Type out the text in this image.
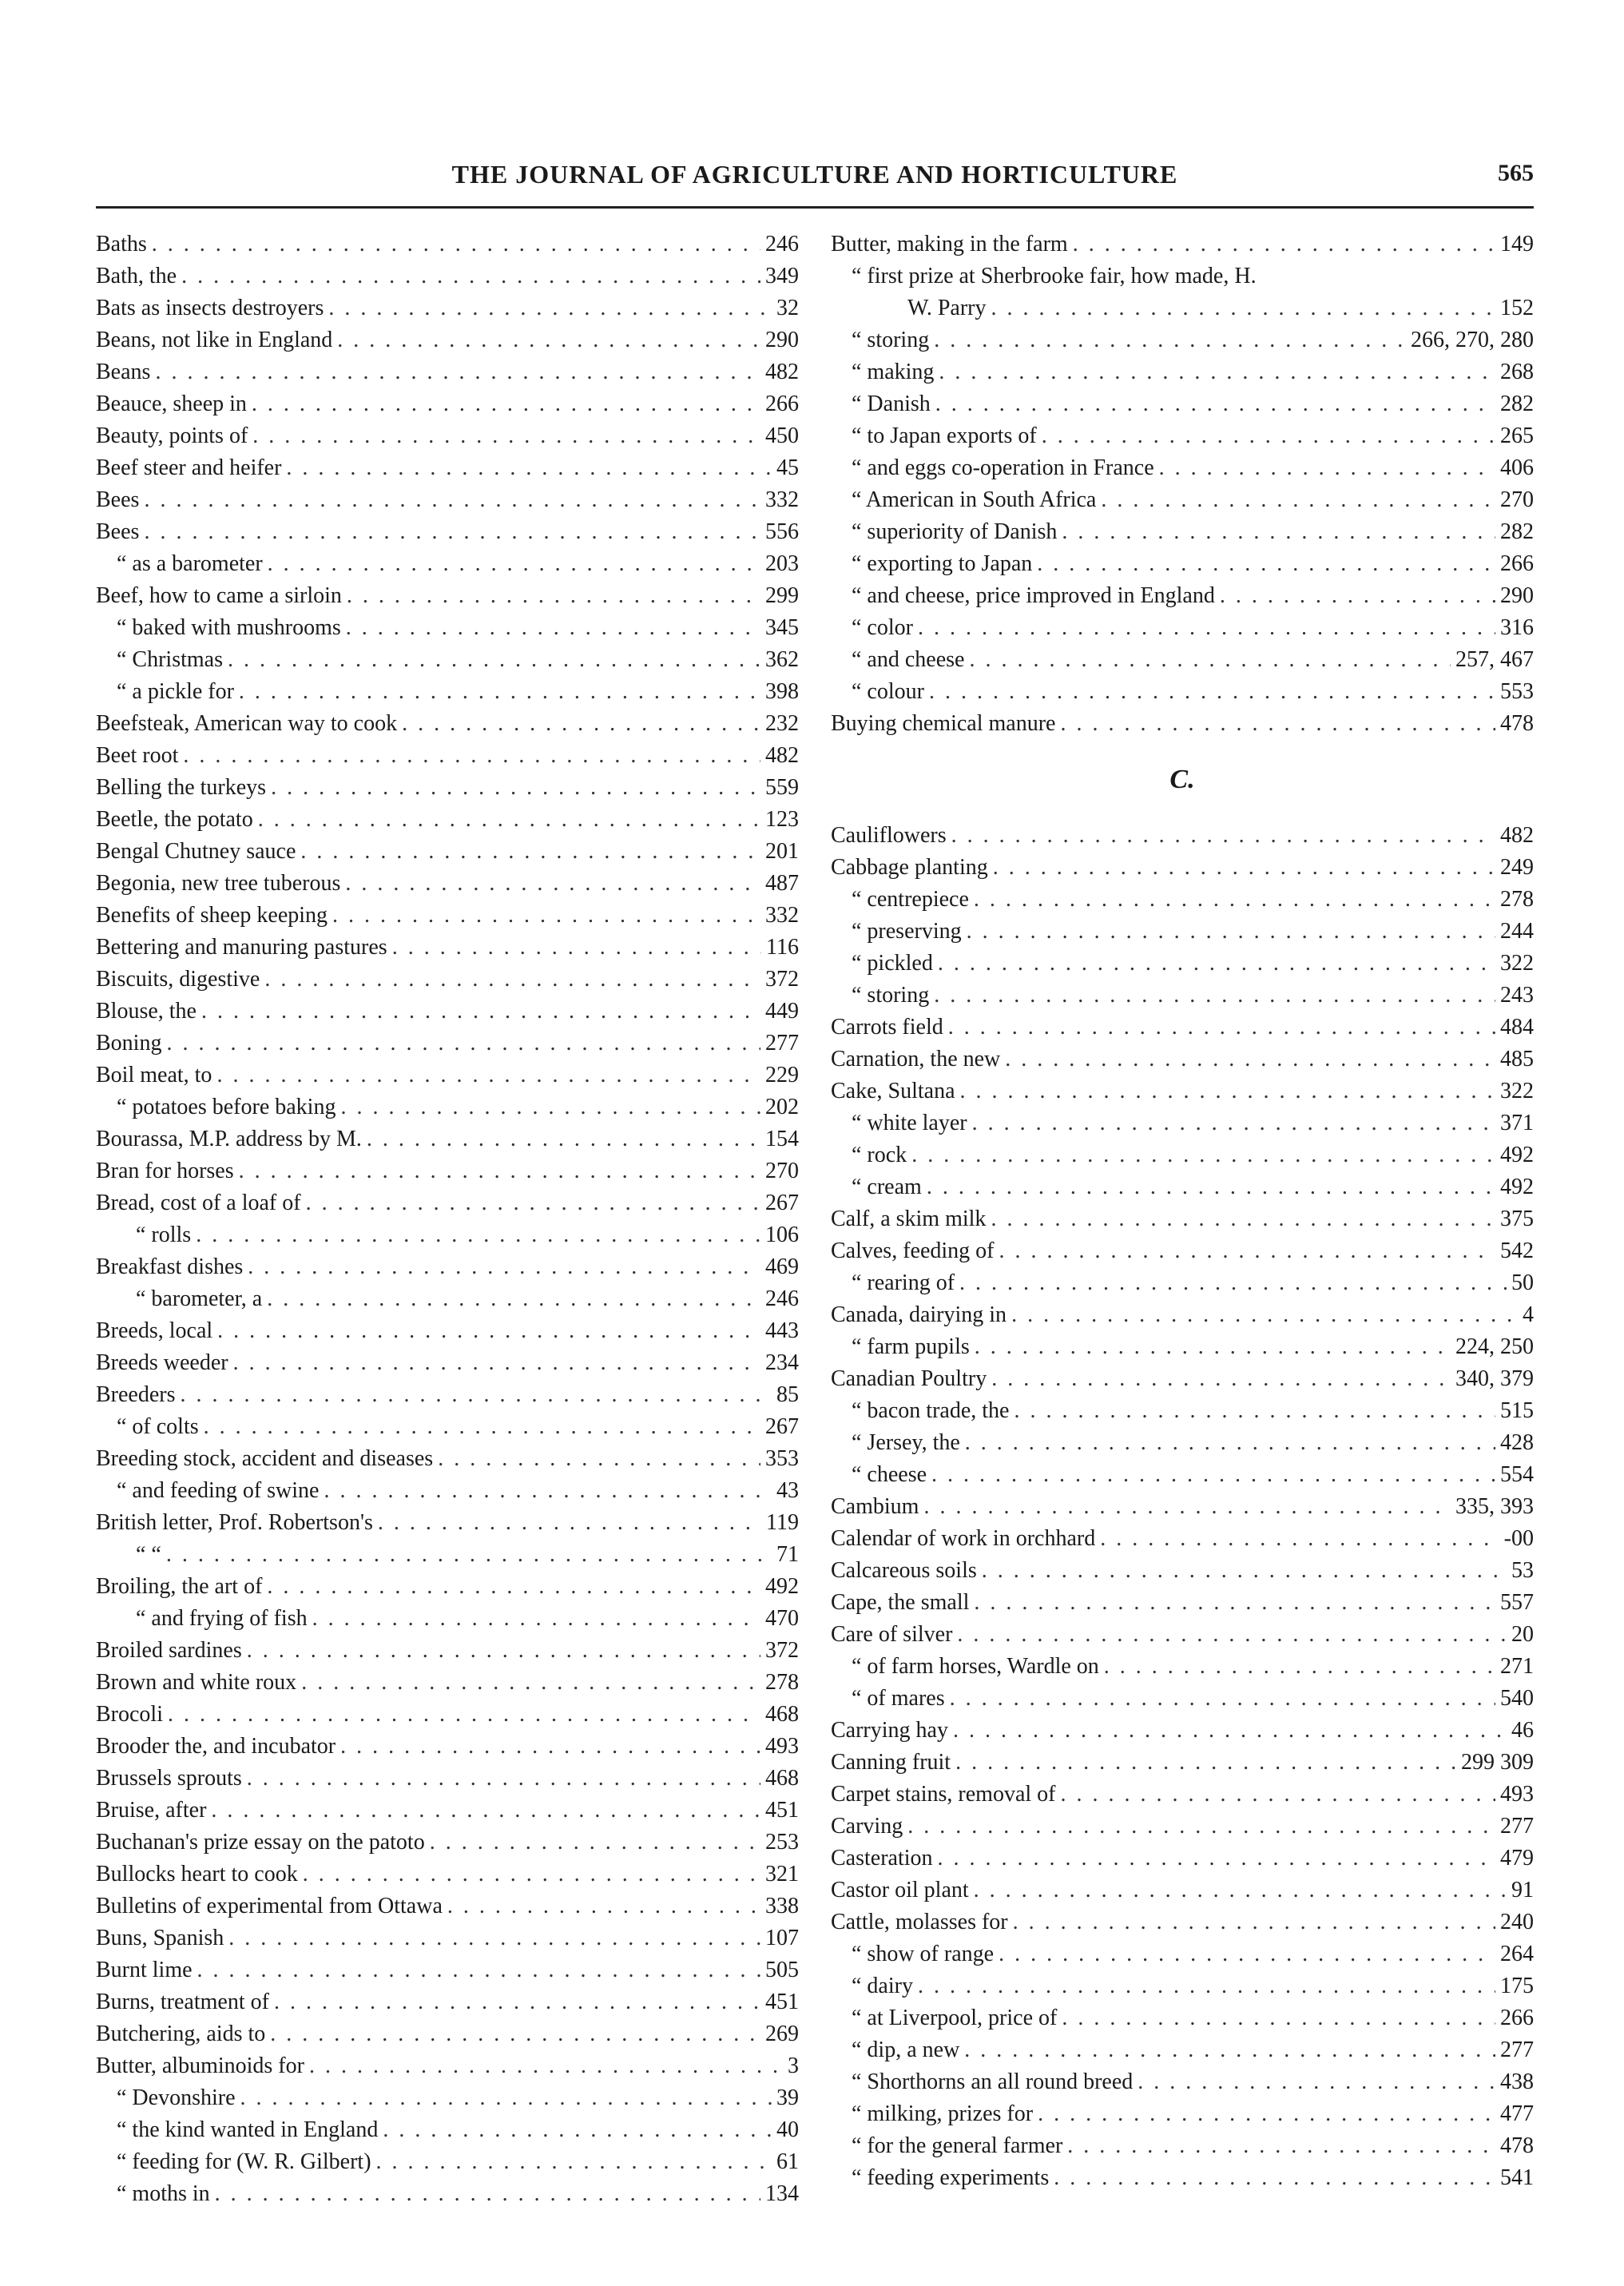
THE JOURNAL OF AGRICULTURE AND HORTICULTURE	565
Baths . . .	246
Bath, the . . .	349
Bats as insects destroyers . . .	32
Beans, not like in England . . .	290
Beans . . .	482
Beauce, sheep in . . .	266
Beauty, points of . . .	450
Beef steer and heifer . . .	45
Bees . . .	332
Bees . . .	556
“ as a barometer . . .	203
Beef, how to came a sirloin . . .	299
“ baked with mushrooms . . .	345
“ Christmas . . .	362
“ a pickle for . . .	398
Beefsteak, American way to cook . . .	232
Beet root . . .	482
Belling the turkeys . . .	559
Beetle, the potato . . .	123
Bengal Chutney sauce . . .	201
Begonia, new tree tuberous . . .	487
Benefits of sheep keeping . . .	332
Bettering and manuring pastures . . .	116
Biscuits, digestive . . .	372
Blouse, the . . .	449
Boning . . .	277
Boil meat, to . . .	229
“ potatoes before baking . . .	202
Bourassa, M.P. address by M. . . .	154
Bran for horses . . .	270
Bread, cost of a loaf of . . .	267
“ rolls . . .	106
Breakfast dishes . . .	469
“ barometer, a . . .	246
Breeds, local . . .	443
Breeds weeder . . .	234
Breeders . . .	85
“ of colts . . .	267
Breeding stock, accident and diseases . . .	353
“ and feeding of swine . . .	43
British letter, Prof. Robertson's . . .	119
“ “ . . .	71
Broiling, the art of . . .	492
“ and frying of fish . . .	470
Broiled sardines . . .	372
Brown and white roux . . .	278
Brocoli . . .	468
Brooder the, and incubator . . .	493
Brussels sprouts . . .	468
Bruise, after . . .	451
Buchanan's prize essay on the patoto . . .	253
Bullocks heart to cook . . .	321
Bulletins of experimental from Ottawa . . .	338
Buns, Spanish . . .	107
Burnt lime . . .	505
Burns, treatment of . . .	451
Butchering, aids to . . .	269
Butter, albuminoids for . . .	3
“ Devonshire . . .	39
“ the kind wanted in England . . .	40
“ feeding for (W. R. Gilbert) . . .	61
“ moths in . . .	134
Butter, making in the farm . . .	149
“ first prize at Sherbrooke fair, how made, H.
W. Parry . . .	152
“ storing . . .	266, 270, 280
“ making . . .	268
“ Danish . . .	282
“ to Japan exports of . . .	265
“ and eggs co-operation in France . . .	406
“ American in South Africa . . .	270
“ superiority of Danish . . .	282
“ exporting to Japan . . .	266
“ and cheese, price improved in England . . .	290
“ color . . .	316
“ and cheese . . .	257, 467
“ colour . . .	553
Buying chemical manure . . .	478
C.
Cauliflowers . . .	482
Cabbage planting . . .	249
“ centrepiece . . .	278
“ preserving . . .	244
“ pickled . . .	322
“ storing . . .	243
Carrots field . . .	484
Carnation, the new . . .	485
Cake, Sultana . . .	322
“ white layer . . .	371
“ rock . . .	492
“ cream . . .	492
Calf, a skim milk . . .	375
Calves, feeding of . . .	542
“ rearing of . . .	50
Canada, dairying in . . .	4
“ farm pupils . . .	224, 250
Canadian Poultry . . .	340, 379
“ bacon trade, the . . .	515
“ Jersey, the . . .	428
“ cheese . . .	554
Cambium . . .	335, 393
Calendar of work in orchhard . . .	-00
Calcareous soils . . .	53
Cape, the small . . .	557
Care of silver . . .	20
“ of farm horses, Wardle on . . .	271
“ of mares . . .	540
Carrying hay . . .	46
Canning fruit . . .	299 309
Carpet stains, removal of . . .	493
Carving . . .	277
Casteration . . .	479
Castor oil plant . . .	91
Cattle, molasses for . . .	240
“ show of range . . .	264
“ dairy . . .	175
“ at Liverpool, price of . . .	266
“ dip, a new . . .	277
“ Shorthorns an all round breed . . .	438
“ milking, prizes for . . .	477
“ for the general farmer . . .	478
“ feeding experiments . . .	541
